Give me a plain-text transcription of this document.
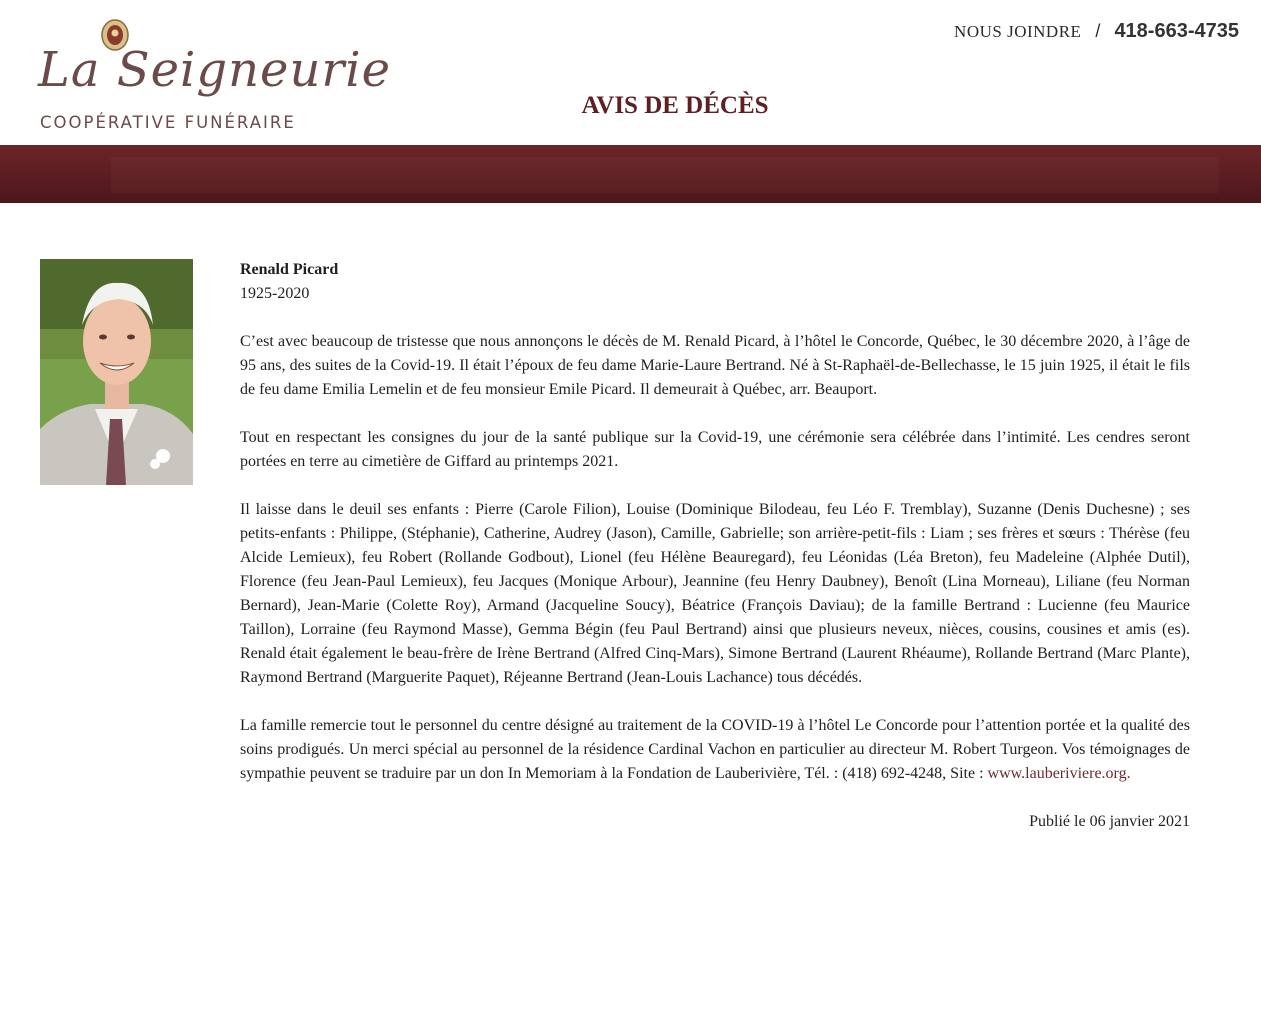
La Seigneurie
COOPÉRATIVE FUNÉRAIRE
NOUS JOINDRE / 418-663-4735
AVIS DE DÉCÈS
Renald Picard
1925-2020

C’est avec beaucoup de tristesse que nous annonçons le décès de M. Renald Picard, à l’hôtel le Concorde, Québec, le 30 décembre 2020, à l’âge de 95 ans, des suites de la Covid-19. Il était l’époux de feu dame Marie-Laure Bertrand. Né à St-Raphaël-de-Bellechasse, le 15 juin 1925, il était le fils de feu dame Emilia Lemelin et de feu monsieur Emile Picard. Il demeurait à Québec, arr. Beauport.

Tout en respectant les consignes du jour de la santé publique sur la Covid-19, une cérémonie sera célébrée dans l’intimité. Les cendres seront portées en terre au cimetière de Giffard au printemps 2021.

Il laisse dans le deuil ses enfants : Pierre (Carole Filion), Louise (Dominique Bilodeau, feu Léo F. Tremblay), Suzanne (Denis Duchesne) ; ses petits-enfants : Philippe, (Stéphanie), Catherine, Audrey (Jason), Camille, Gabrielle; son arrière-petit-fils : Liam ; ses frères et sœurs : Thérèse (feu Alcide Lemieux), feu Robert (Rollande Godbout), Lionel (feu Hélène Beauregard), feu Léonidas (Léa Breton), feu Madeleine (Alphée Dutil), Florence (feu Jean-Paul Lemieux), feu Jacques (Monique Arbour), Jeannine (feu Henry Daubney), Benoît (Lina Morneau), Liliane (feu Norman Bernard), Jean-Marie (Colette Roy), Armand (Jacqueline Soucy), Béatrice (François Daviau); de la famille Bertrand : Lucienne (feu Maurice Taillon), Lorraine (feu Raymond Masse), Gemma Bégin (feu Paul Bertrand) ainsi que plusieurs neveux, nièces, cousins, cousines et amis (es). Renald était également le beau-frère de Irène Bertrand (Alfred Cinq-Mars), Simone Bertrand (Laurent Rhéaume), Rollande Bertrand (Marc Plante), Raymond Bertrand (Marguerite Paquet), Réjeanne Bertrand (Jean-Louis Lachance) tous décédés.

La famille remercie tout le personnel du centre désigné au traitement de la COVID-19 à l’hôtel Le Concorde pour l’attention portée et la qualité des soins prodigués. Un merci spécial au personnel de la résidence Cardinal Vachon en particulier au directeur M. Robert Turgeon. Vos témoignages de sympathie peuvent se traduire par un don In Memoriam à la Fondation de Lauberivière, Tél. : (418) 692-4248, Site : www.lauberiviere.org.

Publié le 06 janvier 2021
